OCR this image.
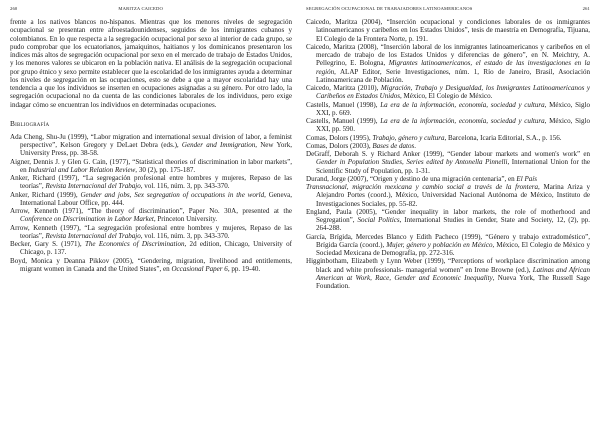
260	MARITZA CAICEDO

frente a los nativos blancos no-hispanos. Mientras que los menores niveles de segregación ocupacional se presentan entre afroestadounidenses, seguidos de los inmigrantes cubanos y colombianos. En lo que respecta a la segregación ocupacional por sexo al interior de cada grupo, se pudo comprobar que los ecuatorianos, jamaiquinos, haitianos y los dominicanos presentaron los índices más altos de segregación ocupacional por sexo en el mercado de trabajo de Estados Unidos, y los menores valores se ubicaron en la población nativa. El análisis de la segregación ocupacional por grupo étnico y sexo permite establecer que la escolaridad de los inmigrantes ayuda a determinar los niveles de segregación en las ocupaciones, esto se debe a que a mayor escolaridad hay una tendencia a que los individuos se inserten en ocupaciones asignadas a su género. Por otro lado, la segregación ocupacional no da cuenta de las condiciones laborales de los individuos, pero exige indagar cómo se encuentran los individuos en determinadas ocupaciones.

Bibliografía

Ada Cheng, Shu-Ju (1999), “Labor migration and international sexual division of labor, a feminist perspective”, Kelson Gregory y DeLaet Debra (eds.), Gender and Immigration, New York, University Press, pp. 38-58.

Aigner, Dennis J. y Glen G. Cain, (1977), “Statistical theories of discrimination in labor markets”, en Industrial and Labor Relation Review, 30 (2), pp. 175-187.

Anker, Richard (1997), “La segregación profesional entre hombres y mujeres, Repaso de las teorías”, Revista Internacional del Trabajo, vol. 116, núm. 3, pp. 343-370.

Anker, Richard (1999), Gender and jobs, Sex segregation of occupations in the world, Geneva, International Labour Office, pp. 444.

Arrow, Kenneth (1971), “The theory of discrimination”, Paper No. 30A, presented at the Conference on Discrimination in Labor Market, Princeton University.

Arrow, Kenneth (1997), “La segregación profesional entre hombres y mujeres, Repaso de las teorías”, Revista Internacional del Trabajo, vol. 116, núm. 3, pp. 343-370.

Becker, Gary S. (1971), The Economics of Discrimination, 2d edition, Chicago, University of Chicago, p. 137.

Boyd, Monica y Deanna Pikkov (2005), “Gendering, migration, livelihood and entitlements, migrant women in Canada and the United States”, en Occasional Paper 6, pp. 19-40.

SEGREGACIÓN OCUPACIONAL DE TRABAJADORES LATINOAMERICANOS	261

Caicedo, Maritza (2004), “Inserción ocupacional y condiciones laborales de os inmigrantes latinoamericanos y caribeños en los Estados Unidos”, tesis de maestría en Demografía, Tijuana, El Colegio de la Frontera Norte, p. 191.

Caicedo, Maritza (2008), “Inserción laboral de los inmigrantes latinoamericanos y caribeños en el mercado de trabajo de los Estados Unidos y diferencias de género”, en N. Meichtry, A. Pellegrino, E. Bologna, Migrantes latinoamericanos, el estado de las investigaciones en la región, ALAP Editor, Serie Investigaciones, núm. 1, Río de Janeiro, Brasil, Asociación Latinoamericana de Población.

Caicedo, Maritza (2010), Migración, Trabajo y Desigualdad, los Inmigrantes Latinoamericanos y Caribeños en Estados Unidos, México, El Colegio de México.

Castells, Manuel (1998), La era de la información, economía, sociedad y cultura, México, Siglo XXI, p. 669.

Castells, Manuel (1999), La era de la información, economía, sociedad y cultura, México, Siglo XXI, pp. 590.

Comas, Dolors (1995), Trabajo, género y cultura, Barcelona, Icaria Editorial, S.A., p. 156.

Comas, Dolors (2003), Bases de datos.

DeGraff, Deborah S. y Richard Anker (1999), “Gender labour markets and women's work” en Gender in Population Studies, Series edited by Antonella Pinnelli, International Union for the Scientific Study of Population, pp. 1-31.

Durand, Jorge (2007), “Origen y destino de una migración centenaria”, en El País

Transnacional, migración mexicana y cambio social a través de la frontera, Marina Ariza y Alejandro Portes (coord.), México, Universidad Nacional Autónoma de México, Instituto de Investigaciones Sociales, pp. 55-82.

England, Paula (2005), “Gender inequality in labor markets, the role of motherhood and Segregation”, Social Politics, International Studies in Gender, State and Society, 12, (2), pp. 264-288.

García, Brígida, Mercedes Blanco y Edith Pacheco (1999), “Género y trabajo extradoméstico”, Brígida García (coord.), Mujer, género y población en México, México, El Colegio de México y Sociedad Mexicana de Demografía, pp. 272-316.

Higginbotham, Elizabeth y Lynn Weber (1999), “Perceptions of workplace discrimination among black and white professionals- managerial women” en Irene Browne (ed.), Latinas and African American at Work, Race, Gender and Economic Inequality, Nueva York, The Russell Sage Foundation.
